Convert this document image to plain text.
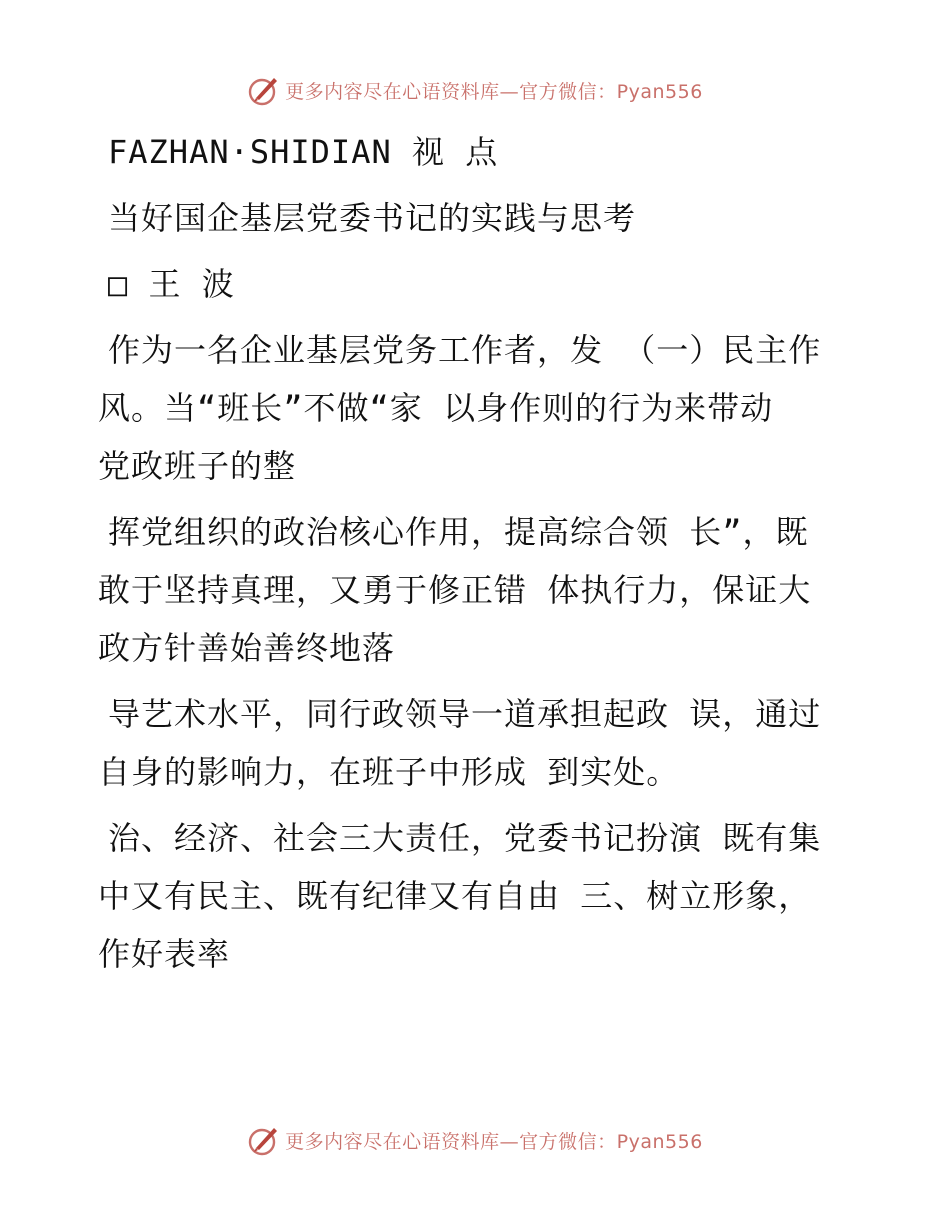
更多内容尽在心语资料库—官方微信：Pyan556
FAZHAN·SHIDIAN 视 点
当好国企基层党委书记的实践与思考
□ 王 波
作为一名企业基层党务工作者，发 （一）民主作
风。当“班长”不做“家 以身作则的行为来带动
党政班子的整
挥党组织的政治核心作用，提高综合领 长”，既
敢于坚持真理，又勇于修正错 体执行力，保证大
政方针善始善终地落
导艺术水平，同行政领导一道承担起政 误，通过
自身的影响力，在班子中形成 到实处。
治、经济、社会三大责任，党委书记扮演 既有集
中又有民主、既有纪律又有自由 三、树立形象，
作好表率
更多内容尽在心语资料库—官方微信：Pyan556
